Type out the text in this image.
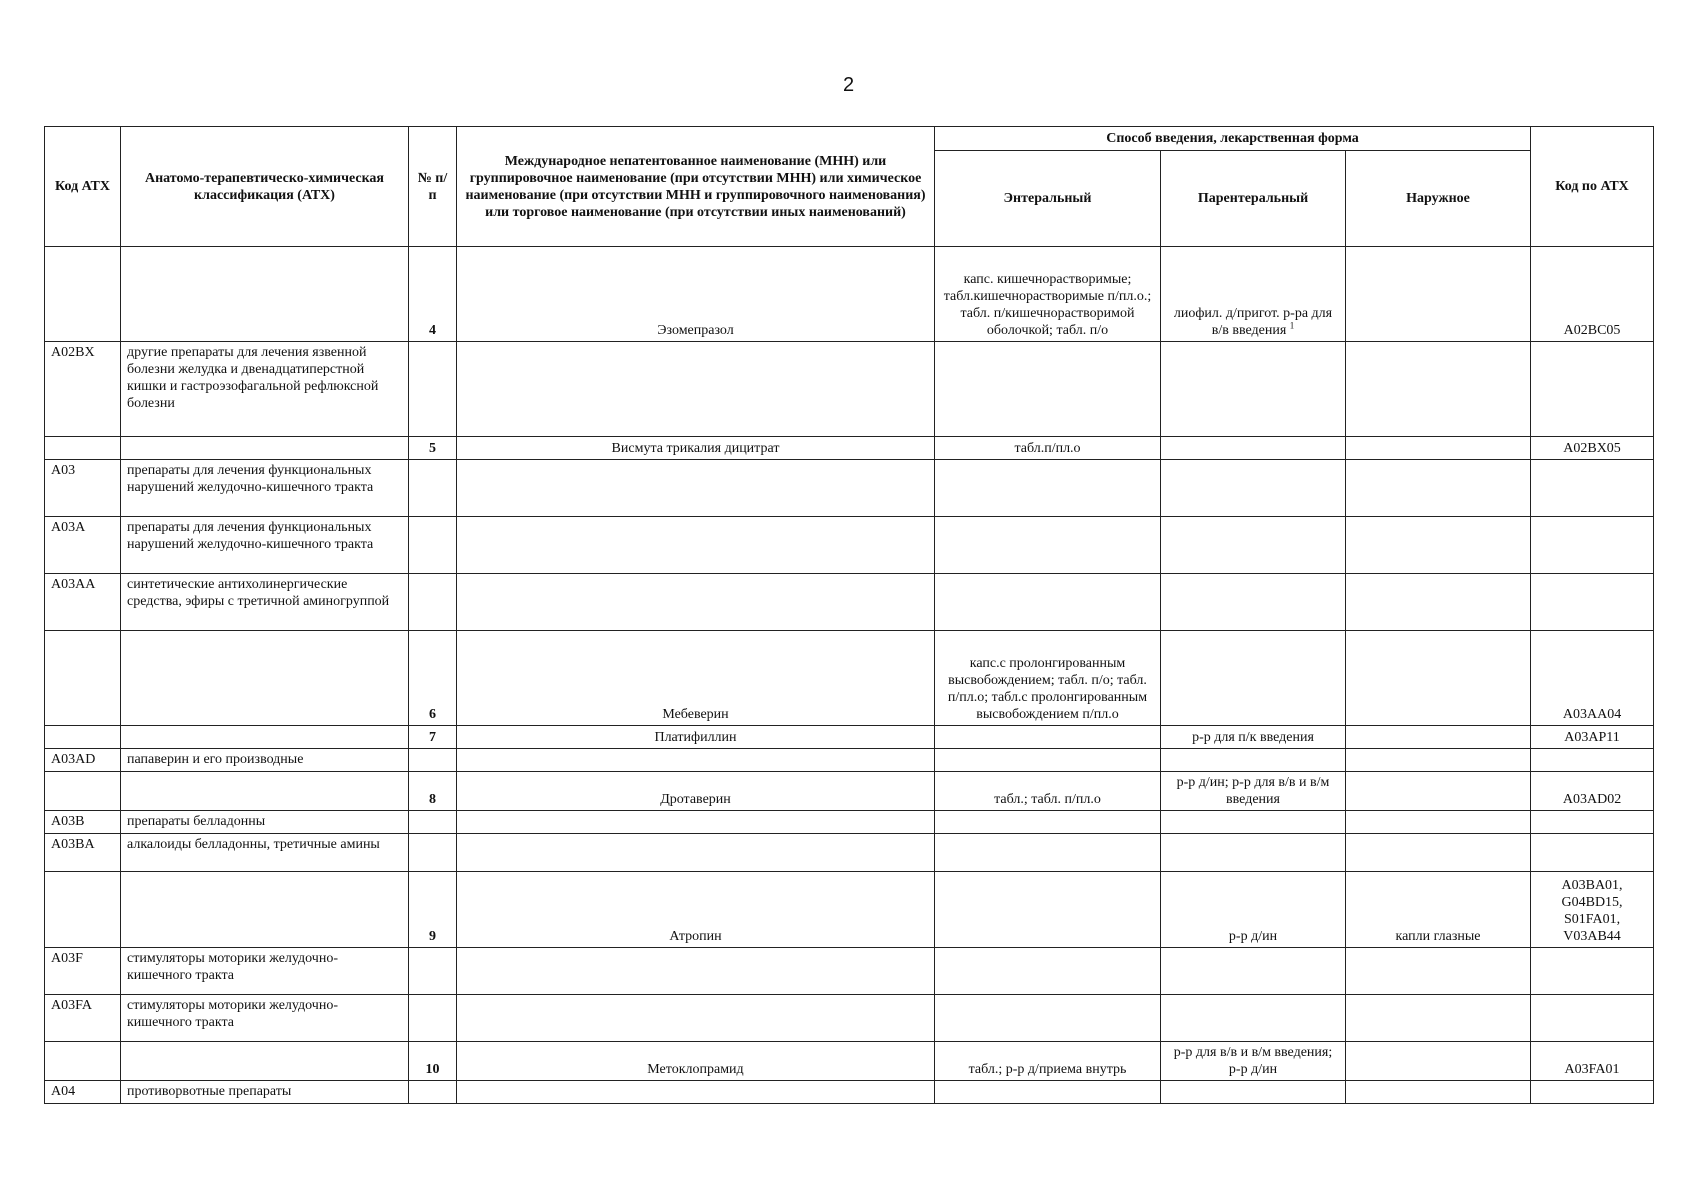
2
Код АТХ	Анатомо-терапевтическо-химическая классификация (АТХ)	№ п/п	Международное непатентованное наименование (МНН) или группировочное наименование (при отсутствии МНН) или химическое наименование (при отсутствии МНН и группировочного наименования) или торговое наименование (при отсутствии иных наименований)	Способ введения, лекарственная форма			Код по АТХ
				Энтеральный	Парентеральный	Наружное	
		4	Эзомепразол	капс. кишечнорастворимые; табл.кишечнорастворимые п/пл.о.; табл. п/кишечнорастворимой оболочкой; табл. п/о	лиофил. д/пригот. р-ра для в/в введения $^1$		A02BC05
A02BX	другие препараты для лечения язвенной болезни желудка и двенадцатиперстной кишки и гастроэзофагальной рефлюксной болезни						
		5	Висмута трикалия дицитрат	табл.п/пл.о			A02BX05
A03	препараты для лечения функциональных нарушений желудочно-кишечного тракта						
A03A	препараты для лечения функциональных нарушений желудочно-кишечного тракта						
A03AA	синтетические антихолинергические средства, эфиры с третичной аминогруппой						
		6	Мебеверин	капс.с пролонгированным высвобождением; табл. п/о; табл. п/пл.о; табл.с пролонгированным высвобождением п/пл.о			A03AA04
		7	Платифиллин		р-р для п/к введения		A03AP11
A03AD	папаверин и его производные						
		8	Дротаверин	табл.; табл. п/пл.о	р-р д/ин; р-р для в/в и в/м введения		A03AD02
A03B	препараты белладонны						
A03BA	алкалоиды белладонны, третичные амины						
		9	Атропин		р-р д/ин	капли глазные	A03BA01, G04BD15, S01FA01, V03AB44
A03F	стимуляторы моторики желудочно-кишечного тракта						
A03FA	стимуляторы моторики желудочно-кишечного тракта						
		10	Метоклопрамид	табл.; р-р д/приема внутрь	р-р для в/в и в/м введения; р-р д/ин		A03FA01
A04	противорвотные препараты						
